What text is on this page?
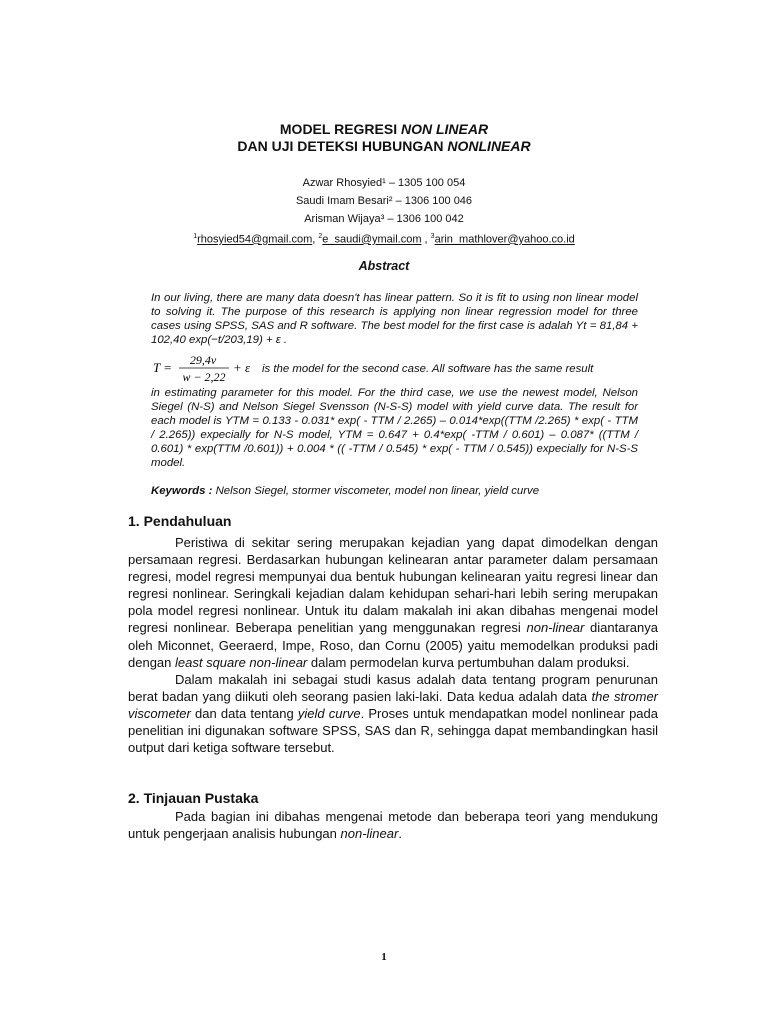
MODEL REGRESI NON LINEAR
DAN UJI DETEKSI HUBUNGAN NONLINEAR
Azwar Rhosyied¹ – 1305 100 054
Saudi Imam Besari² – 1306 100 046
Arisman Wijaya³ – 1306 100 042
$^1$rhosyied54@gmail.com, $^2$e_saudi@ymail.com , $^3$arin_mathlover@yahoo.co.id
Abstract

In our living, there are many data doesn't has linear pattern. So it is fit to using non linear model to solving it. The purpose of this research is applying non linear regression model for three cases using SPSS, SAS and R software. The best model for the first case is adalah Yt = 81,84 + 102,40 exp(−t/203,19) + ε .

T = 29,4v
w − 2,22
+ ε is the model for the second case. All software has the same result

in estimating parameter for this model. For the third case, we use the newest model, Nelson Siegel (N-S) and Nelson Siegel Svensson (N-S-S) model with yield curve data. The result for each model is YTM = 0.133 - 0.031* exp( - TTM / 2.265) – 0.014*exp((TTM /2.265) * exp( - TTM / 2.265)) expecially for N-S model, YTM = 0.647 + 0.4*exp( -TTM / 0.601) – 0.087* ((TTM / 0.601) * exp(TTM /0.601)) + 0.004 * (( -TTM / 0.545) * exp( - TTM / 0.545)) expecially for N-S-S model.

Keywords : Nelson Siegel, stormer viscometer, model non linear, yield curve
1. Pendahuluan

Peristiwa di sekitar sering merupakan kejadian yang dapat dimodelkan dengan persamaan regresi. Berdasarkan hubungan kelinearan antar parameter dalam persamaan regresi, model regresi mempunyai dua bentuk hubungan kelinearan yaitu regresi linear dan regresi nonlinear. Seringkali kejadian dalam kehidupan sehari-hari lebih sering merupakan pola model regresi nonlinear. Untuk itu dalam makalah ini akan dibahas mengenai model regresi nonlinear. Beberapa penelitian yang menggunakan regresi non-linear diantaranya oleh Miconnet, Geeraerd, Impe, Roso, dan Cornu (2005) yaitu memodelkan produksi padi dengan least square non-linear dalam permodelan kurva pertumbuhan dalam produksi.

Dalam makalah ini sebagai studi kasus adalah data tentang program penurunan berat badan yang diikuti oleh seorang pasien laki-laki. Data kedua adalah data the stromer viscometer dan data tentang yield curve. Proses untuk mendapatkan model nonlinear pada penelitian ini digunakan software SPSS, SAS dan R, sehingga dapat membandingkan hasil output dari ketiga software tersebut.

2. Tinjauan Pustaka

Pada bagian ini dibahas mengenai metode dan beberapa teori yang mendukung untuk pengerjaan analisis hubungan non-linear.

1
